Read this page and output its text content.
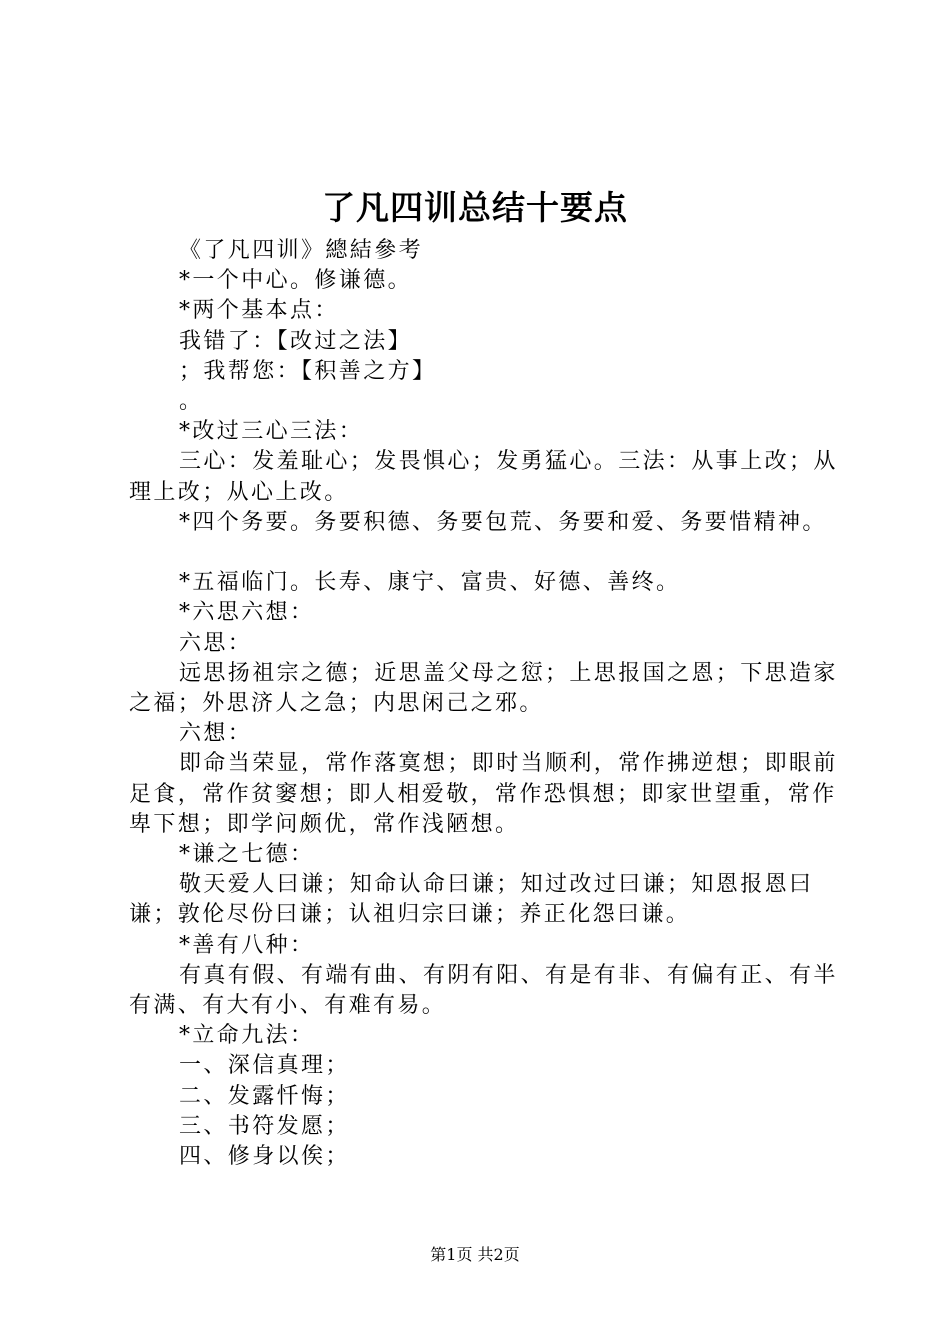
了凡四训总结十要点

《了凡四训》總結參考

*一个中心。修谦德。

*两个基本点：

我错了：【改过之法】

；我帮您：【积善之方】

。

*改过三心三法：

三心：发羞耻心；发畏惧心；发勇猛心。三法：从事上改；从理上改；从心上改。

*四个务要。务要积德、务要包荒、务要和爱、务要惜精神。

*五福临门。长寿、康宁、富贵、好德、善终。

*六思六想：

六思：

远思扬祖宗之德；近思盖父母之愆；上思报国之恩；下思造家之福；外思济人之急；内思闲己之邪。

六想：

即命当荣显，常作落寞想；即时当顺利，常作拂逆想；即眼前足食，常作贫窭想；即人相爱敬，常作恐惧想；即家世望重，常作卑下想；即学问颇优，常作浅陋想。

*谦之七德：

敬天爱人曰谦；知命认命曰谦；知过改过曰谦；知恩报恩曰谦；敦伦尽份曰谦；认祖归宗曰谦；养正化怨曰谦。

*善有八种：

有真有假、有端有曲、有阴有阳、有是有非、有偏有正、有半有满、有大有小、有难有易。

*立命九法：

一、深信真理；

二、发露忏悔；

三、书符发愿；

四、修身以俟；

第1页 共2页
